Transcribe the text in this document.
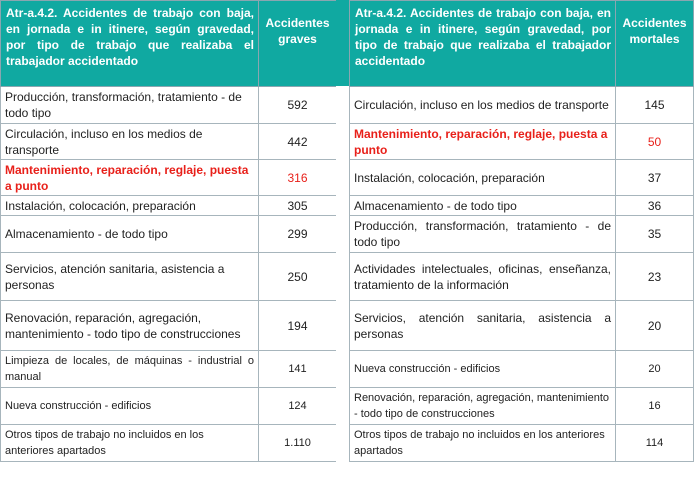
Atr-a.4.2. Accidentes de trabajo con baja, en jornada e in itinere, según gravedad, por tipo de trabajo que realizaba el trabajador accidentado	Accidentes graves
Producción, transformación, tratamiento - de todo tipo	592
Circulación, incluso en los medios de transporte	442
Mantenimiento, reparación, reglaje, puesta a punto	316
Instalación, colocación, preparación	305
Almacenamiento - de todo tipo	299
Servicios, atención sanitaria, asistencia a personas	250
Renovación, reparación, agregación, mantenimiento - todo tipo de construcciones	194
Limpieza de locales, de máquinas - industrial o manual	141
Nueva construcción - edificios	124
Otros tipos de trabajo no incluidos en los anteriores apartados	1.110
Atr-a.4.2. Accidentes de trabajo con baja, en jornada e in itinere, según gravedad, por tipo de trabajo que realizaba el trabajador accidentado	Accidentes mortales
Circulación, incluso en los medios de transporte	145
Mantenimiento, reparación, reglaje, puesta a punto	50
Instalación, colocación, preparación	37
Almacenamiento - de todo tipo	36
Producción, transformación, tratamiento - de todo tipo	35
Actividades intelectuales, oficinas, enseñanza, tratamiento de la información	23
Servicios, atención sanitaria, asistencia a personas	20
Nueva construcción - edificios	20
Renovación, reparación, agregación, mantenimiento - todo tipo de construcciones	16
Otros tipos de trabajo no incluidos en los anteriores apartados	114
